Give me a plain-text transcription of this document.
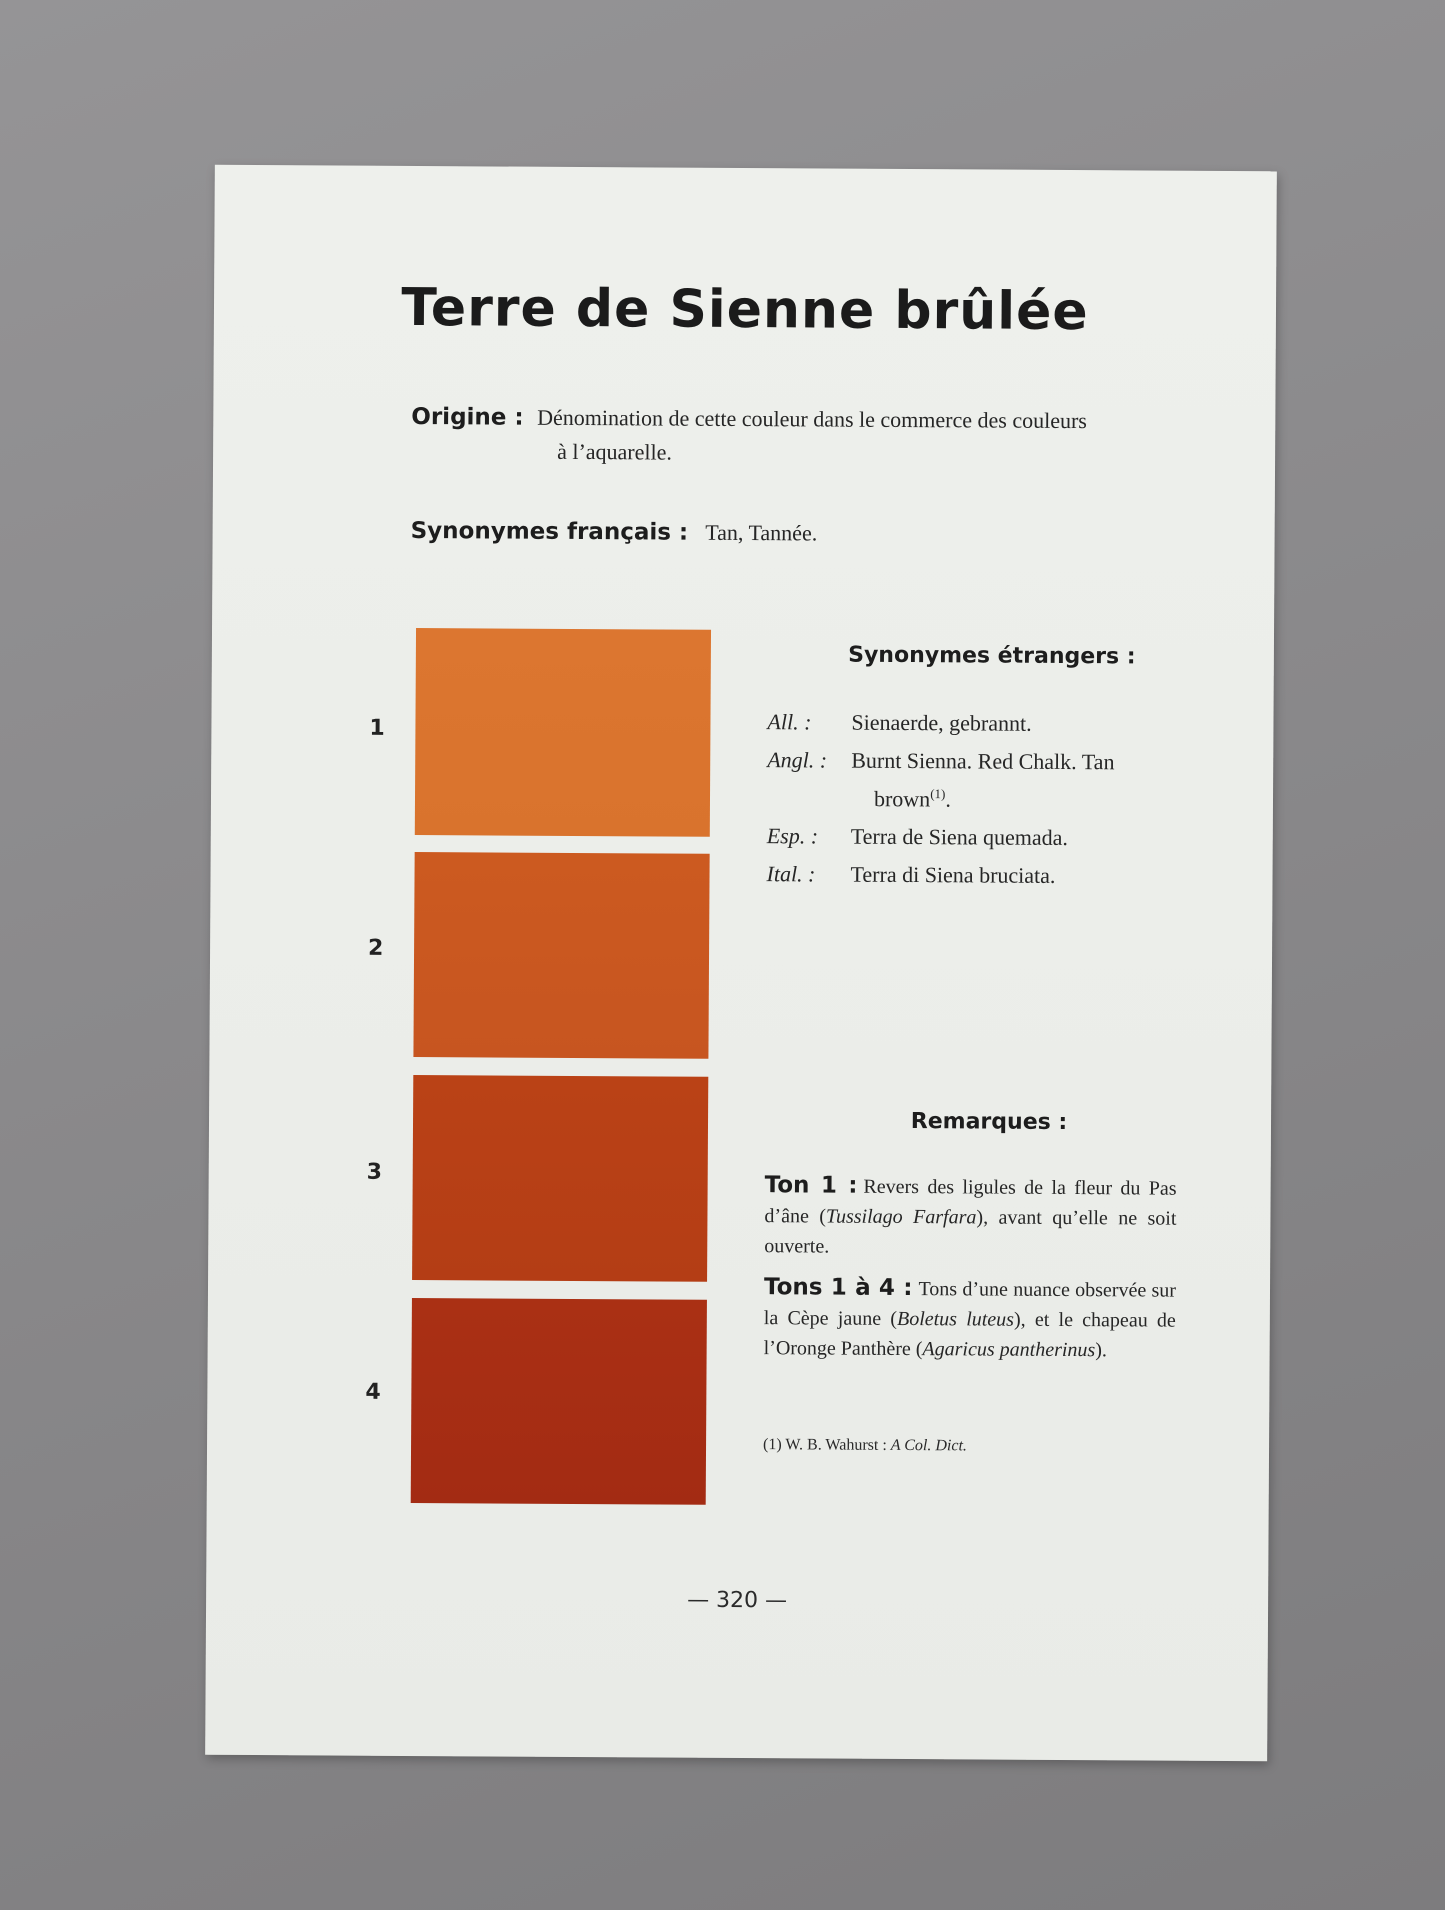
Terre de Sienne brûlée
Origine : Dénomination de cette couleur dans le commerce des couleurs
à l’aquarelle.
Synonymes français : Tan, Tannée.
1
2
3
4
Synonymes étrangers :
All. : Sienaerde, gebrannt.
Angl. : Burnt Sienna. Red Chalk. Tan
brown$^{(1)}$.
Esp. : Terra de Siena quemada.
Ital. : Terra di Siena bruciata.
Remarques :
Ton 1 : Revers des ligules de la fleur du Pas d’âne (Tussilago Farfara), avant qu’elle ne soit ouverte.
Tons 1 à 4 : Tons d’une nuance observée sur la Cèpe jaune (Boletus luteus), et le chapeau de l’Oronge Panthère (Agaricus pantherinus).
(1) W. B. Wahurst : A Col. Dict.
— 320 —
